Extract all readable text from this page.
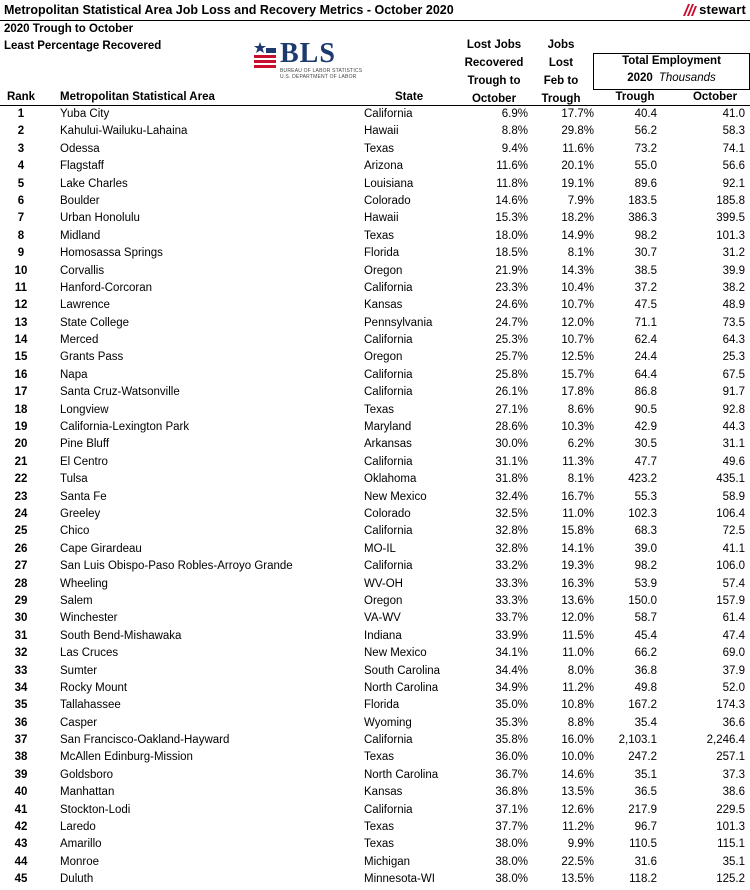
Metropolitan Statistical Area Job Loss and Recovery Metrics - October 2020	stewart
2020 Trough to October
Least Percentage Recovered	BLS
BUREAU OF LABOR STATISTICS
U.S. DEPARTMENT OF LABOR
Lost Jobs
Recovered
Trough to
October
Jobs
Lost
Feb to
Trough
Total Employment
2020 Thousands
Rank	Metropolitan Statistical Area	State	Trough	October
1	Yuba City	California	6.9%	17.7%	40.4	41.0
2	Kahului-Wailuku-Lahaina	Hawaii	8.8%	29.8%	56.2	58.3
3	Odessa	Texas	9.4%	11.6%	73.2	74.1
4	Flagstaff	Arizona	11.6%	20.1%	55.0	56.6
5	Lake Charles	Louisiana	11.8%	19.1%	89.6	92.1
6	Boulder	Colorado	14.6%	7.9%	183.5	185.8
7	Urban Honolulu	Hawaii	15.3%	18.2%	386.3	399.5
8	Midland	Texas	18.0%	14.9%	98.2	101.3
9	Homosassa Springs	Florida	18.5%	8.1%	30.7	31.2
10	Corvallis	Oregon	21.9%	14.3%	38.5	39.9
11	Hanford-Corcoran	California	23.3%	10.4%	37.2	38.2
12	Lawrence	Kansas	24.6%	10.7%	47.5	48.9
13	State College	Pennsylvania	24.7%	12.0%	71.1	73.5
14	Merced	California	25.3%	10.7%	62.4	64.3
15	Grants Pass	Oregon	25.7%	12.5%	24.4	25.3
16	Napa	California	25.8%	15.7%	64.4	67.5
17	Santa Cruz-Watsonville	California	26.1%	17.8%	86.8	91.7
18	Longview	Texas	27.1%	8.6%	90.5	92.8
19	California-Lexington Park	Maryland	28.6%	10.3%	42.9	44.3
20	Pine Bluff	Arkansas	30.0%	6.2%	30.5	31.1
21	El Centro	California	31.1%	11.3%	47.7	49.6
22	Tulsa	Oklahoma	31.8%	8.1%	423.2	435.1
23	Santa Fe	New Mexico	32.4%	16.7%	55.3	58.9
24	Greeley	Colorado	32.5%	11.0%	102.3	106.4
25	Chico	California	32.8%	15.8%	68.3	72.5
26	Cape Girardeau	MO-IL	32.8%	14.1%	39.0	41.1
27	San Luis Obispo-Paso Robles-Arroyo Grande	California	33.2%	19.3%	98.2	106.0
28	Wheeling	WV-OH	33.3%	16.3%	53.9	57.4
29	Salem	Oregon	33.3%	13.6%	150.0	157.9
30	Winchester	VA-WV	33.7%	12.0%	58.7	61.4
31	South Bend-Mishawaka	Indiana	33.9%	11.5%	45.4	47.4
32	Las Cruces	New Mexico	34.1%	11.0%	66.2	69.0
33	Sumter	South Carolina	34.4%	8.0%	36.8	37.9
34	Rocky Mount	North Carolina	34.9%	11.2%	49.8	52.0
35	Tallahassee	Florida	35.0%	10.8%	167.2	174.3
36	Casper	Wyoming	35.3%	8.8%	35.4	36.6
37	San Francisco-Oakland-Hayward	California	35.8%	16.0% 2,103.1	2,246.4
38	McAllen Edinburg-Mission	Texas	36.0%	10.0%	247.2	257.1
39	Goldsboro	North Carolina	36.7%	14.6%	35.1	37.3
40	Manhattan	Kansas	36.8%	13.5%	36.5	38.6
41	Stockton-Lodi	California	37.1%	12.6%	217.9	229.5
42	Laredo	Texas	37.7%	11.2%	96.7	101.3
43	Amarillo	Texas	38.0%	9.9%	110.5	115.1
44	Monroe	Michigan	38.0%	22.5%	31.6	35.1
45	Duluth	Minnesota-WI	38.0%	13.5%	118.2	125.2
